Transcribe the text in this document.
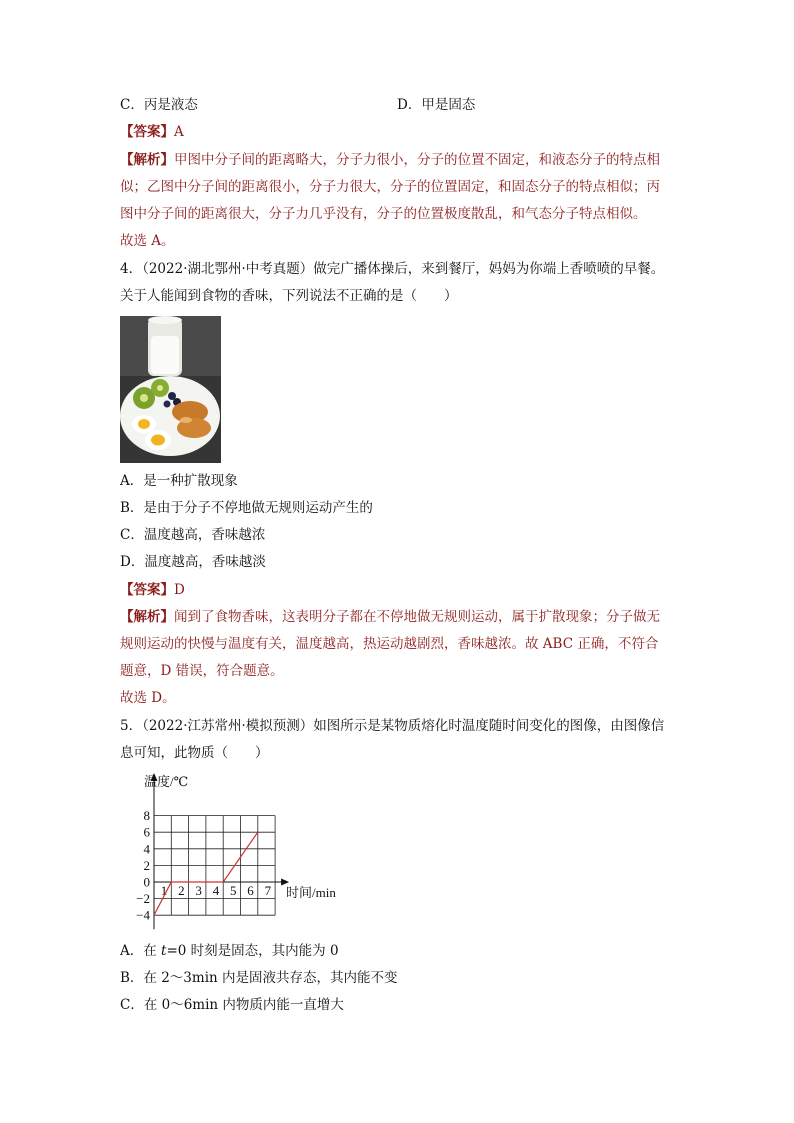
C．丙是液态	D．甲是固态
【答案】A
【解析】甲图中分子间的距离略大，分子力很小，分子的位置不固定，和液态分子的特点相
似；乙图中分子间的距离很小，分子力很大，分子的位置固定，和固态分子的特点相似；丙
图中分子间的距离很大，分子力几乎没有，分子的位置极度散乱，和气态分子特点相似。
故选 A。
4．（2022·湖北鄂州·中考真题）做完广播体操后，来到餐厅，妈妈为你端上香喷喷的早餐。
关于人能闻到食物的香味，下列说法不正确的是（　　）
A．是一种扩散现象
B．是由于分子不停地做无规则运动产生的
C．温度越高，香味越浓
D．温度越高，香味越淡
【答案】D
【解析】闻到了食物香味，这表明分子都在不停地做无规则运动，属于扩散现象；分子做无
规则运动的快慢与温度有关，温度越高，热运动越剧烈，香味越浓。故 ABC 正确，不符合
题意，D 错误，符合题意。
故选 D。
5．（2022·江苏常州·模拟预测）如图所示是某物质熔化时温度随时间变化的图像，由图像信
息可知，此物质（　　）
8
6
4
2
0
−2
−4
1 2 3 4 5 6 7
温度/℃
时间/min
A．在 t=0 时刻是固态，其内能为 0
B．在 2～3min 内是固液共存态，其内能不变
C．在 0～6min 内物质内能一直增大
